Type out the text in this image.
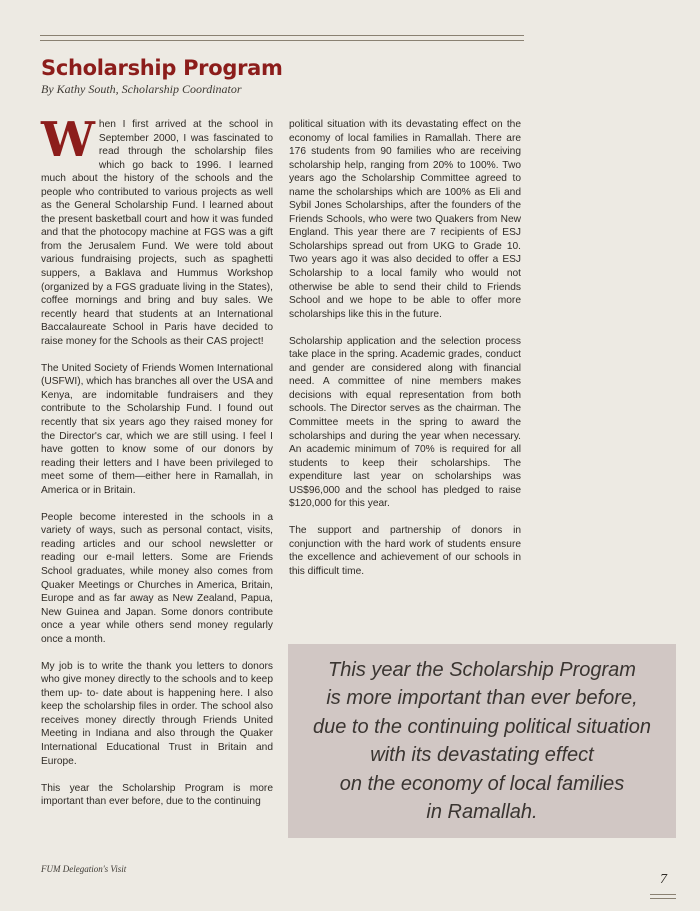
Scholarship Program

By Kathy South, Scholarship Coordinator

When I first arrived at the school in September 2000, I was fascinated to read through the scholarship files which go back to 1996. I learned much about the history of the schools and the people who contributed to various projects as well as the General Scholarship Fund. I learned about the present basketball court and how it was funded and that the photocopy machine at FGS was a gift from the Jerusalem Fund. We were told about various fundraising projects, such as spaghetti suppers, a Baklava and Hummus Workshop (organized by a FGS graduate living in the States), coffee mornings and bring and buy sales. We recently heard that students at an International Baccalaureate School in Paris have decided to raise money for the Schools as their CAS project!

The United Society of Friends Women International (USFWI), which has branches all over the USA and Kenya, are indomitable fundraisers and they contribute to the Scholarship Fund. I found out recently that six years ago they raised money for the Director's car, which we are still using. I feel I have gotten to know some of our donors by reading their letters and I have been privileged to meet some of them—either here in Ramallah, in America or in Britain.

People become interested in the schools in a variety of ways, such as personal contact, visits, reading articles and our school newsletter or reading our e-mail letters. Some are Friends School graduates, while money also comes from Quaker Meetings or Churches in America, Britain, Europe and as far away as New Zealand, Papua, New Guinea and Japan. Some donors contribute once a year while others send money regularly once a month.

My job is to write the thank you letters to donors who give money directly to the schools and to keep them up- to- date about is happening here. I also keep the scholarship files in order. The school also receives money directly through Friends United Meeting in Indiana and also through the Quaker International Educational Trust in Britain and Europe.

This year the Scholarship Program is more important than ever before, due to the continuing

political situation with its devastating effect on the economy of local families in Ramallah. There are 176 students from 90 families who are receiving scholarship help, ranging from 20% to 100%. Two years ago the Scholarship Committee agreed to name the scholarships which are 100% as Eli and Sybil Jones Scholarships, after the founders of the Friends Schools, who were two Quakers from New England. This year there are 7 recipients of ESJ Scholarships spread out from UKG to Grade 10. Two years ago it was also decided to offer a ESJ Scholarship to a local family who would not otherwise be able to send their child to Friends School and we hope to be able to offer more scholarships like this in the future.

Scholarship application and the selection process take place in the spring. Academic grades, conduct and gender are considered along with financial need. A committee of nine members makes decisions with equal representation from both schools. The Director serves as the chairman. The Committee meets in the spring to award the scholarships and during the year when necessary. An academic minimum of 70% is required for all students to keep their scholarships. The expenditure last year on scholarships was US$96,000 and the school has pledged to raise $120,000 for this year.

The support and partnership of donors in conjunction with the hard work of students ensure the excellence and achievement of our schools in this difficult time.

This year the Scholarship Program
is more important than ever before,
due to the continuing political situation
with its devastating effect
on the economy of local families
in Ramallah.
FUM Delegation's Visit
7
